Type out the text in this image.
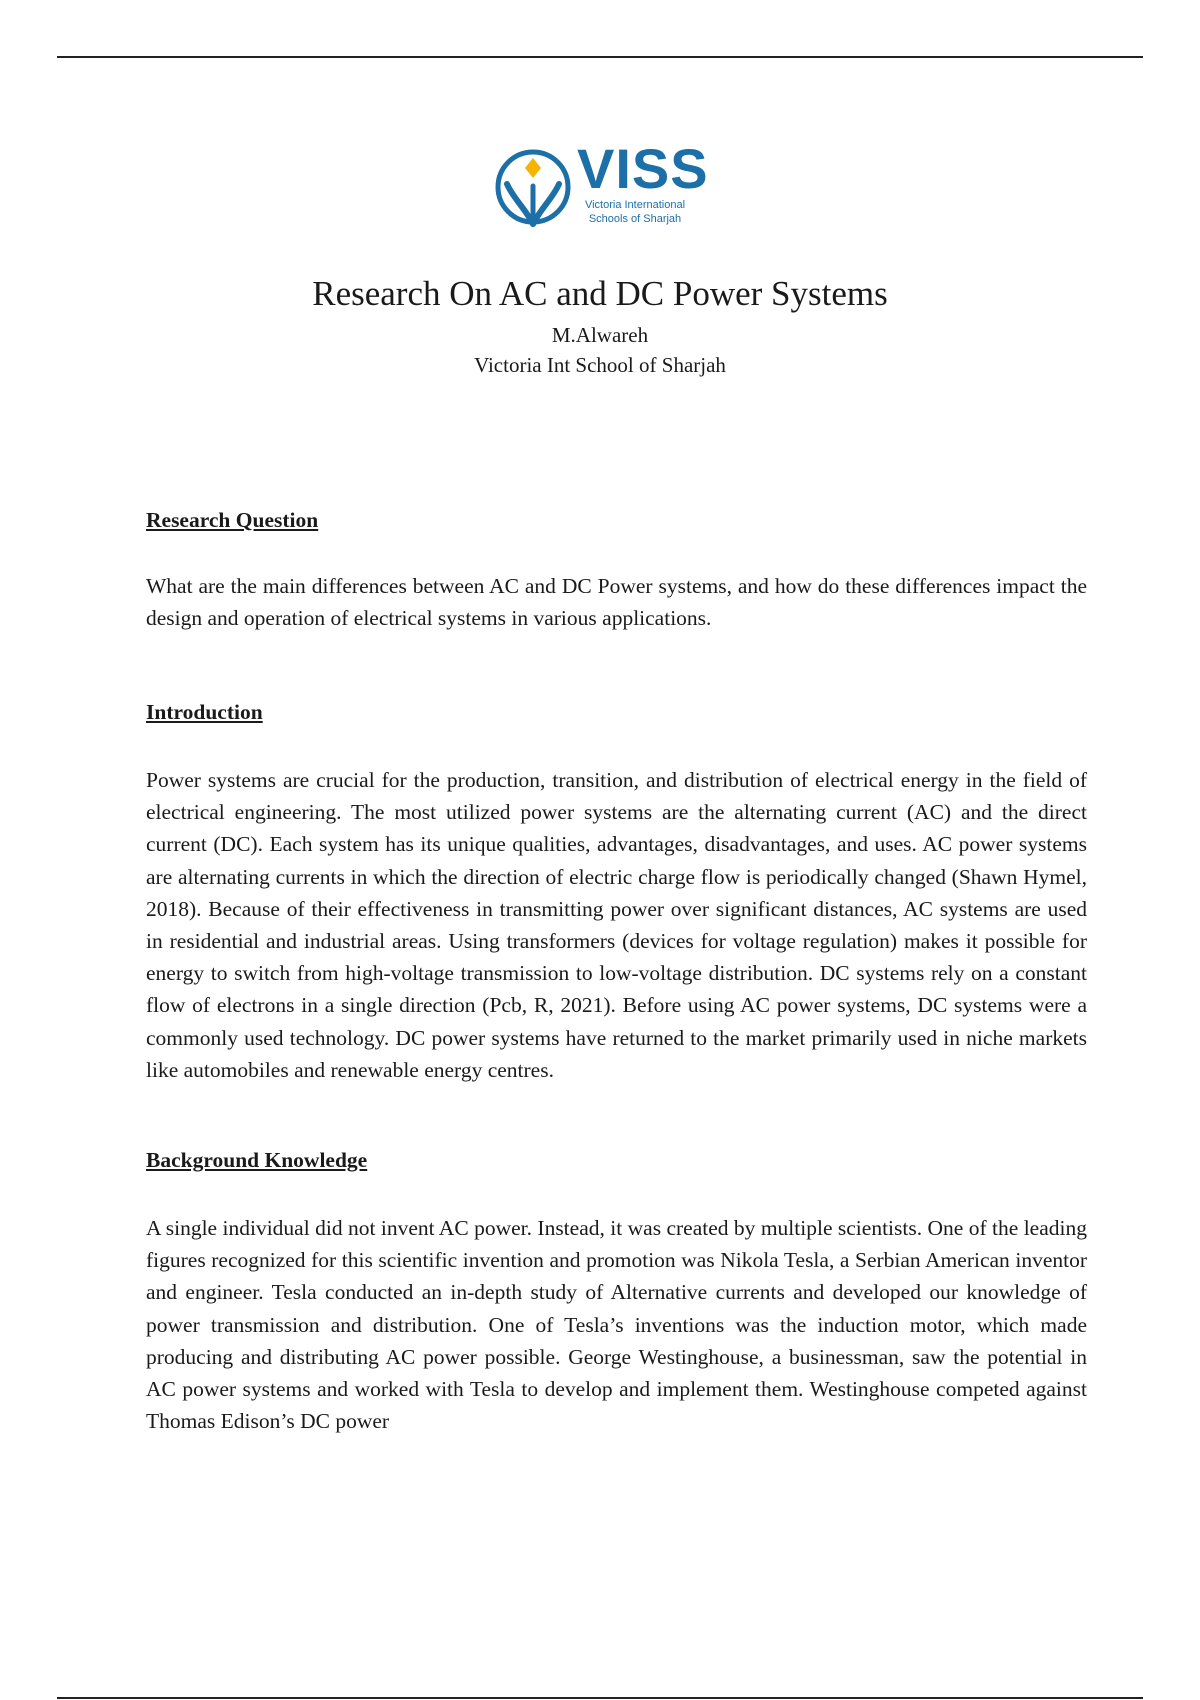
VISS
Victoria International
Schools of Sharjah
Research On AC and DC Power Systems

M.Alwareh

Victoria Int School of Sharjah

Research Question

What are the main differences between AC and DC Power systems, and how do these differences impact the design and operation of electrical systems in various applications.

Introduction

Power systems are crucial for the production, transition, and distribution of electrical energy in the field of electrical engineering. The most utilized power systems are the alternating current (AC) and the direct current (DC). Each system has its unique qualities, advantages, disadvantages, and uses. AC power systems are alternating currents in which the direction of electric charge flow is periodically changed (Shawn Hymel, 2018). Because of their effectiveness in transmitting power over significant distances, AC systems are used in residential and industrial areas. Using transformers (devices for voltage regulation) makes it possible for energy to switch from high-voltage transmission to low-voltage distribution. DC systems rely on a constant flow of electrons in a single direction (Pcb, R, 2021). Before using AC power systems, DC systems were a commonly used technology. DC power systems have returned to the market primarily used in niche markets like automobiles and renewable energy centres.

Background Knowledge

A single individual did not invent AC power. Instead, it was created by multiple scientists. One of the leading figures recognized for this scientific invention and promotion was Nikola Tesla, a Serbian American inventor and engineer. Tesla conducted an in-depth study of Alternative currents and developed our knowledge of power transmission and distribution. One of Tesla’s inventions was the induction motor, which made producing and distributing AC power possible. George Westinghouse, a businessman, saw the potential in AC power systems and worked with Tesla to develop and implement them. Westinghouse competed against Thomas Edison’s DC power
